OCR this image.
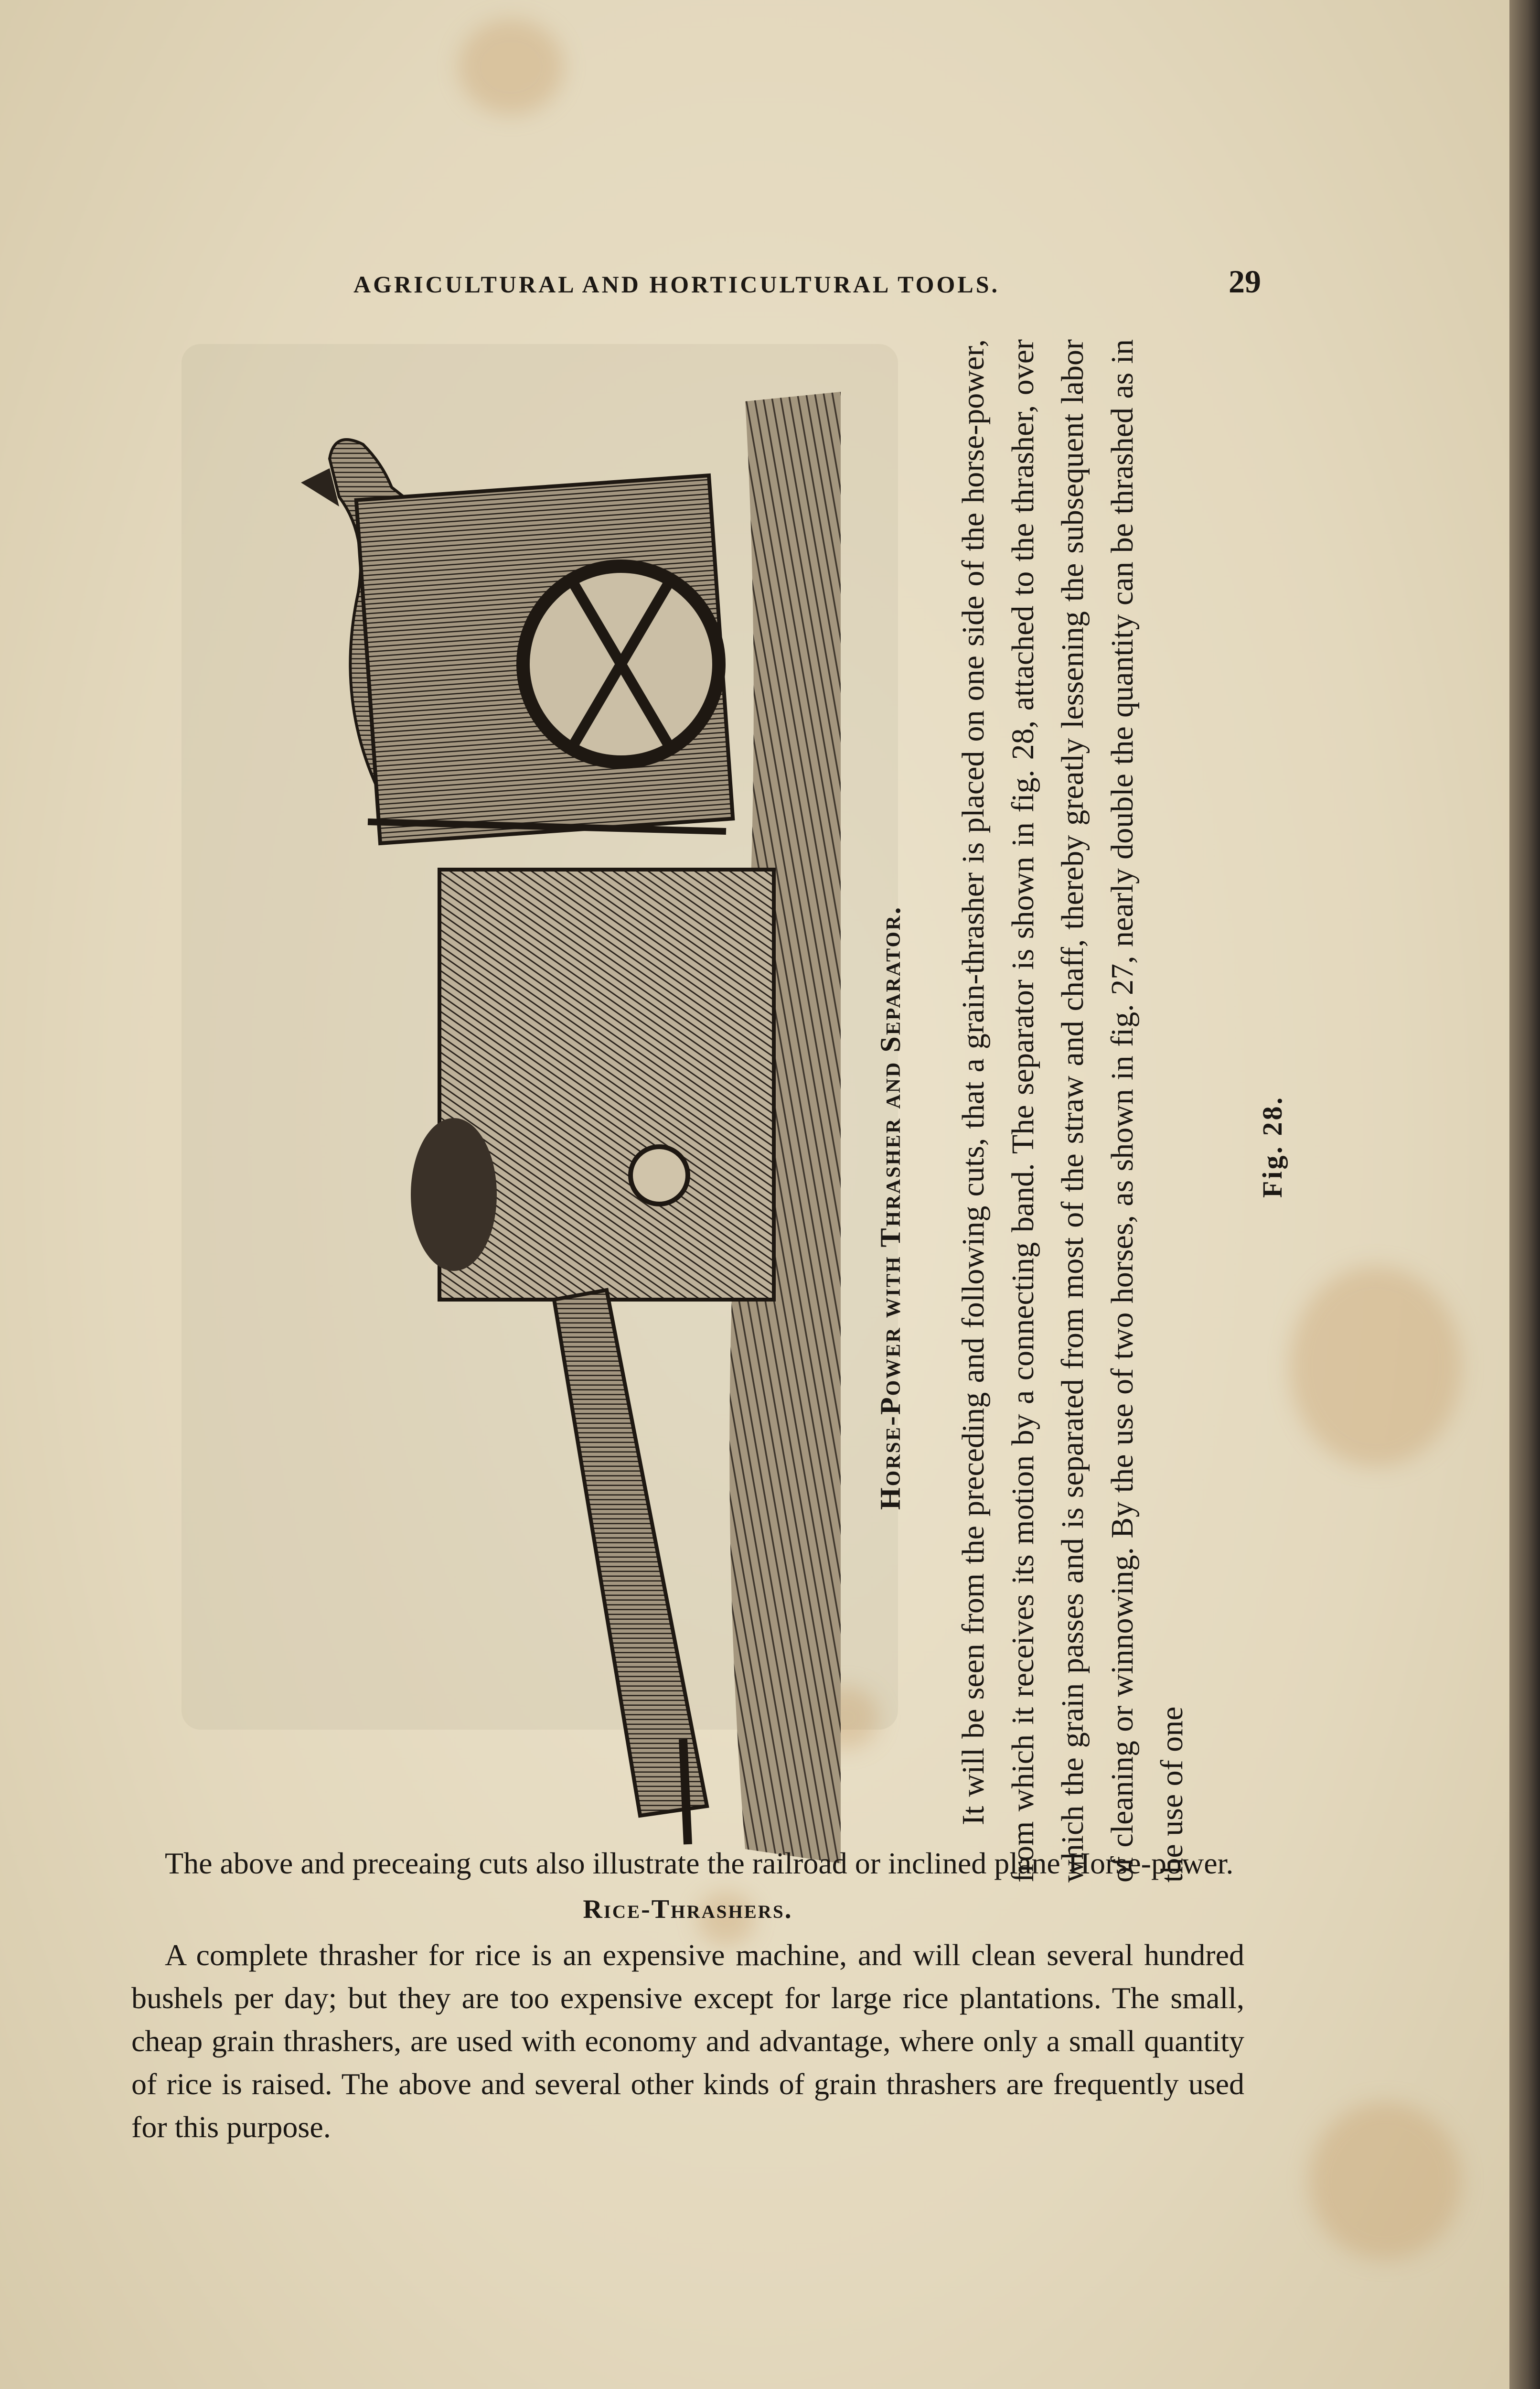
AGRICULTURAL AND HORTICULTURAL TOOLS.	29
Fig. 28.
Horse-Power with Thrasher and Separator. It will be seen from the preceding and following cuts, that a grain-thrasher is placed on one side of the horse-power, from which it receives its motion by a connecting band. The separator is shown in fig. 28, attached to the thrasher, over which the grain passes and is separated from most of the straw and chaff, thereby greatly lessening the subsequent labor of cleaning or winnowing. By the use of two horses, as shown in fig. 27, nearly double the quantity can be thrashed as in the use of one

The above and preceaing cuts also illustrate the railroad or inclined plane Horse-power.

Rice-Thrashers.

A complete thrasher for rice is an expensive machine, and will clean several hundred bushels per day; but they are too expensive except for large rice plantations. The small, cheap grain thrashers, are used with economy and advantage, where only a small quantity of rice is raised. The above and several other kinds of grain thrashers are frequently used for this purpose.
